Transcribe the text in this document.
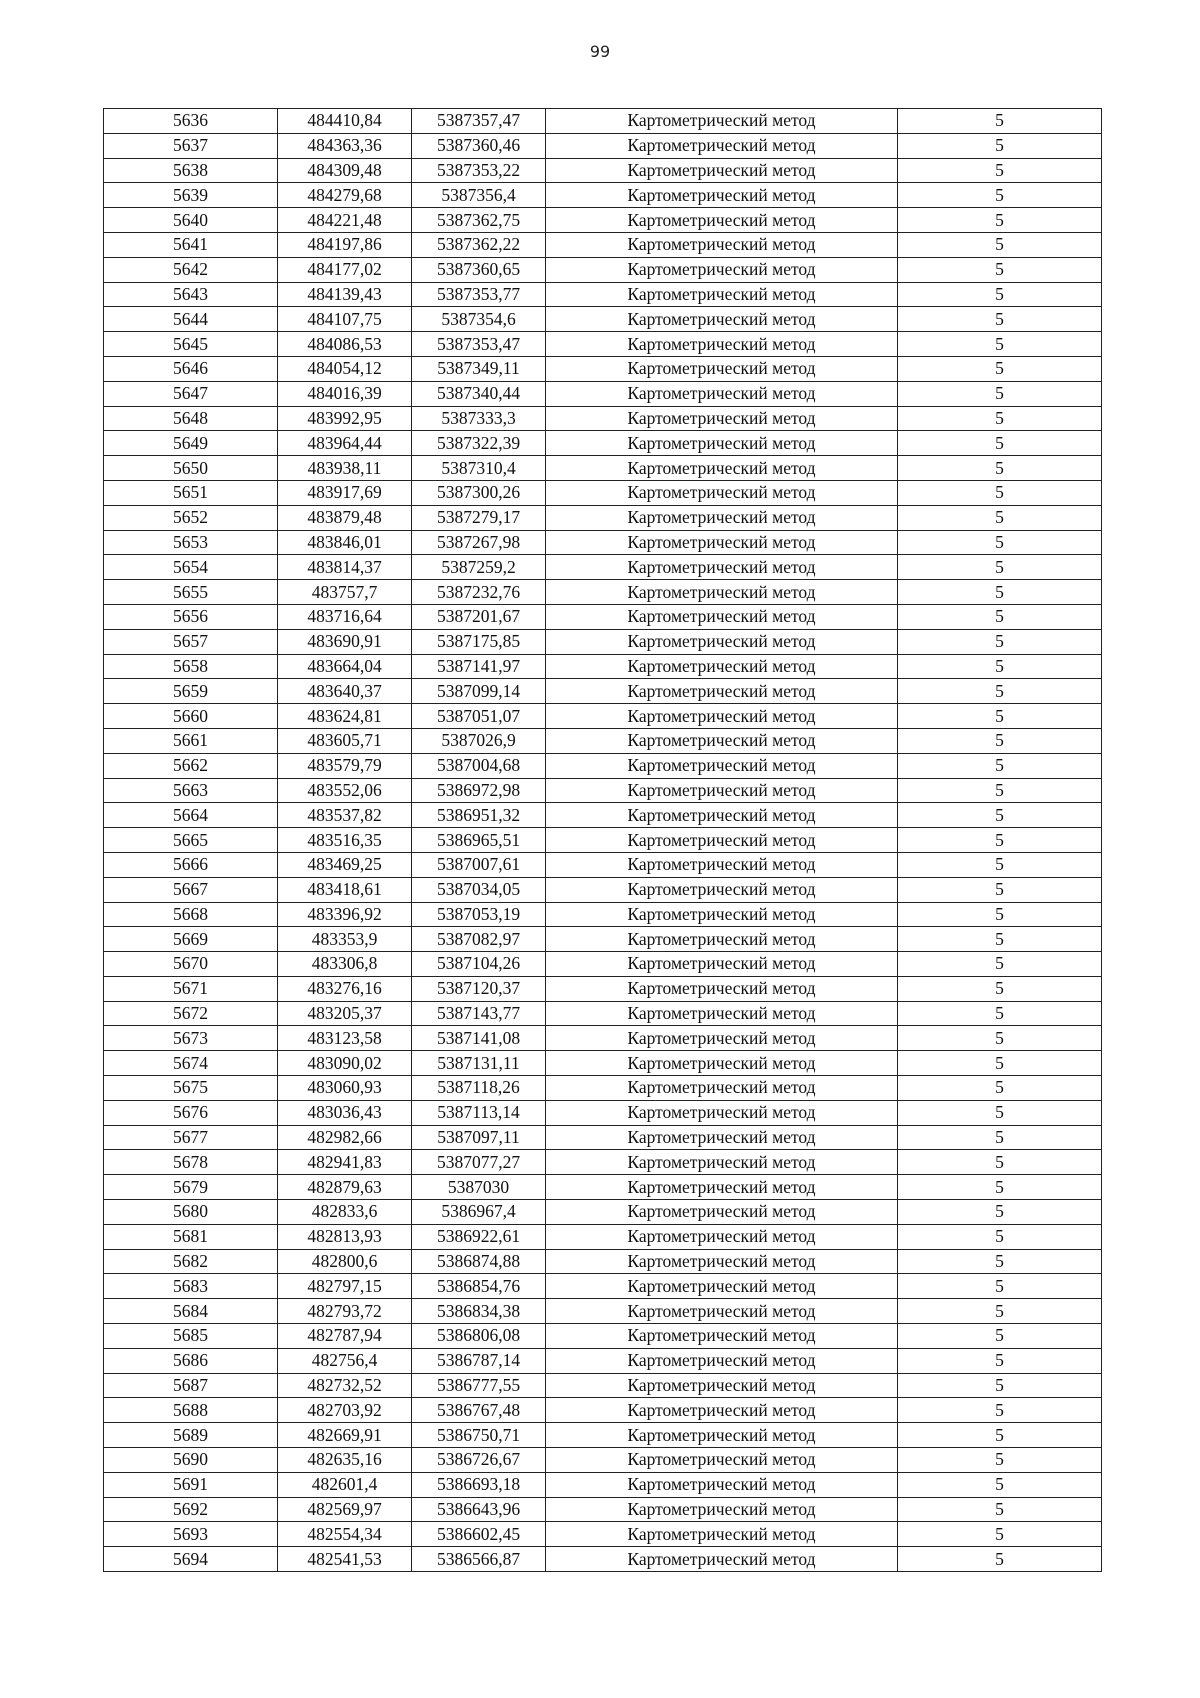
99
5636	484410,84	5387357,47	Картометрический метод	5
5637	484363,36	5387360,46	Картометрический метод	5
5638	484309,48	5387353,22	Картометрический метод	5
5639	484279,68	5387356,4	Картометрический метод	5
5640	484221,48	5387362,75	Картометрический метод	5
5641	484197,86	5387362,22	Картометрический метод	5
5642	484177,02	5387360,65	Картометрический метод	5
5643	484139,43	5387353,77	Картометрический метод	5
5644	484107,75	5387354,6	Картометрический метод	5
5645	484086,53	5387353,47	Картометрический метод	5
5646	484054,12	5387349,11	Картометрический метод	5
5647	484016,39	5387340,44	Картометрический метод	5
5648	483992,95	5387333,3	Картометрический метод	5
5649	483964,44	5387322,39	Картометрический метод	5
5650	483938,11	5387310,4	Картометрический метод	5
5651	483917,69	5387300,26	Картометрический метод	5
5652	483879,48	5387279,17	Картометрический метод	5
5653	483846,01	5387267,98	Картометрический метод	5
5654	483814,37	5387259,2	Картометрический метод	5
5655	483757,7	5387232,76	Картометрический метод	5
5656	483716,64	5387201,67	Картометрический метод	5
5657	483690,91	5387175,85	Картометрический метод	5
5658	483664,04	5387141,97	Картометрический метод	5
5659	483640,37	5387099,14	Картометрический метод	5
5660	483624,81	5387051,07	Картометрический метод	5
5661	483605,71	5387026,9	Картометрический метод	5
5662	483579,79	5387004,68	Картометрический метод	5
5663	483552,06	5386972,98	Картометрический метод	5
5664	483537,82	5386951,32	Картометрический метод	5
5665	483516,35	5386965,51	Картометрический метод	5
5666	483469,25	5387007,61	Картометрический метод	5
5667	483418,61	5387034,05	Картометрический метод	5
5668	483396,92	5387053,19	Картометрический метод	5
5669	483353,9	5387082,97	Картометрический метод	5
5670	483306,8	5387104,26	Картометрический метод	5
5671	483276,16	5387120,37	Картометрический метод	5
5672	483205,37	5387143,77	Картометрический метод	5
5673	483123,58	5387141,08	Картометрический метод	5
5674	483090,02	5387131,11	Картометрический метод	5
5675	483060,93	5387118,26	Картометрический метод	5
5676	483036,43	5387113,14	Картометрический метод	5
5677	482982,66	5387097,11	Картометрический метод	5
5678	482941,83	5387077,27	Картометрический метод	5
5679	482879,63	5387030	Картометрический метод	5
5680	482833,6	5386967,4	Картометрический метод	5
5681	482813,93	5386922,61	Картометрический метод	5
5682	482800,6	5386874,88	Картометрический метод	5
5683	482797,15	5386854,76	Картометрический метод	5
5684	482793,72	5386834,38	Картометрический метод	5
5685	482787,94	5386806,08	Картометрический метод	5
5686	482756,4	5386787,14	Картометрический метод	5
5687	482732,52	5386777,55	Картометрический метод	5
5688	482703,92	5386767,48	Картометрический метод	5
5689	482669,91	5386750,71	Картометрический метод	5
5690	482635,16	5386726,67	Картометрический метод	5
5691	482601,4	5386693,18	Картометрический метод	5
5692	482569,97	5386643,96	Картометрический метод	5
5693	482554,34	5386602,45	Картометрический метод	5
5694	482541,53	5386566,87	Картометрический метод	5
